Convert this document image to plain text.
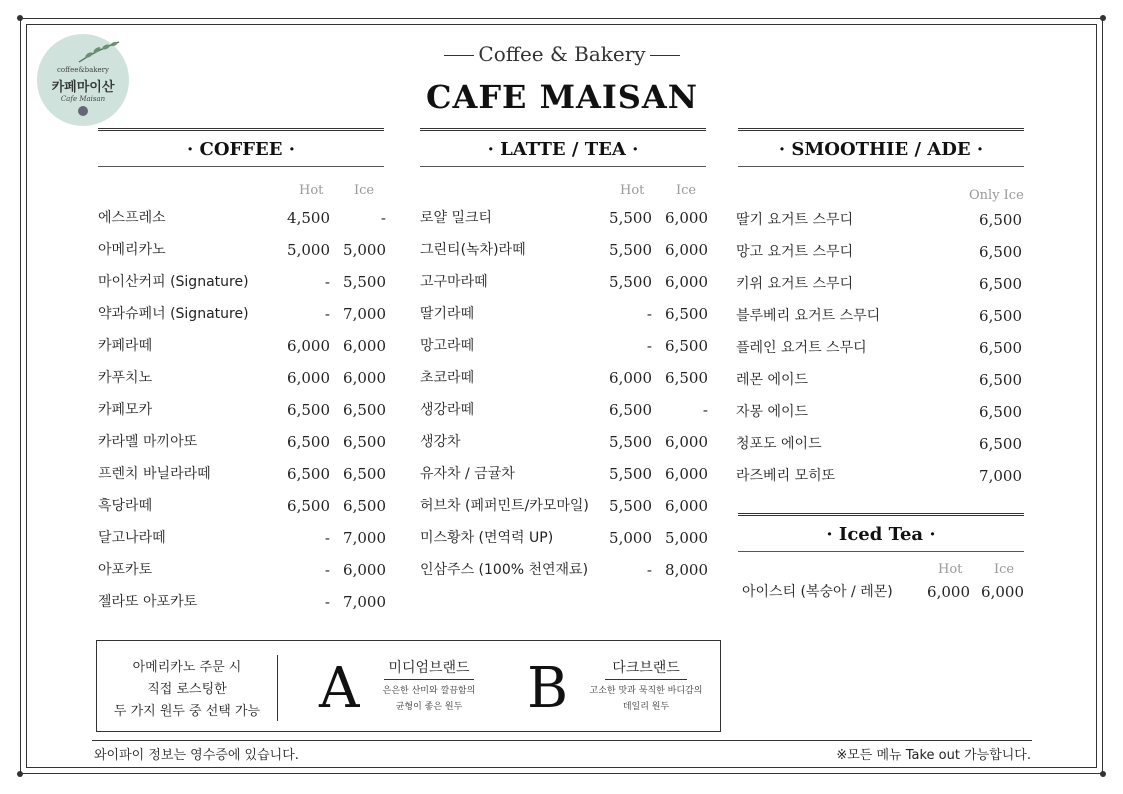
coffee&bakery
카페마이산
Cafe Maisan
Coffee & Bakery
CAFE MAISAN
· COFFEE ·
Hot Ice
에스프레소	4,500	-
아메리카노	5,000 5,000
마이산커피 (Signature)	- 5,500
약과슈페너 (Signature)	- 7,000
카페라떼	6,000 6,000
카푸치노	6,000 6,000
카페모카	6,500 6,500
카라멜 마끼아또	6,500 6,500
프렌치 바닐라라떼	6,500 6,500
흑당라떼	6,500 6,500
달고나라떼	- 7,000
아포카토	- 6,000
젤라또 아포카토	- 7,000
· LATTE / TEA ·
Hot Ice
로얄 밀크티	5,500 6,000
그린티(녹차)라떼	5,500 6,000
고구마라떼	5,500 6,000
딸기라떼	- 6,500
망고라떼	- 6,500
초코라떼	6,000 6,500
생강라떼	6,500	-
생강차	5,500 6,000
유자차 / 금귤차	5,500 6,000
허브차 (페퍼민트/카모마일)	5,500 6,000
미스황차 (면역력 UP)	5,000 5,000
인삼주스 (100% 천연재료)	- 8,000
· SMOOTHIE / ADE ·
Only Ice
딸기 요거트 스무디	6,500
망고 요거트 스무디	6,500
키위 요거트 스무디	6,500
블루베리 요거트 스무디	6,500
플레인 요거트 스무디	6,500
레몬 에이드	6,500
자몽 에이드	6,500
청포도 에이드	6,500
라즈베리 모히또	7,000
· Iced Tea ·
Hot Ice
아이스티 (복숭아 / 레몬)	6,000 6,000
아메리카노 주문 시
직접 로스팅한
두 가지 원두 중 선택 가능	A	미디엄브랜드
은은한 산미와 깔끔함의
균형이 좋은 원두	B	다크브랜드
고소한 맛과 묵직한 바디감의
데일리 원두
와이파이 정보는 영수증에 있습니다.	※모든 메뉴 Take out 가능합니다.
